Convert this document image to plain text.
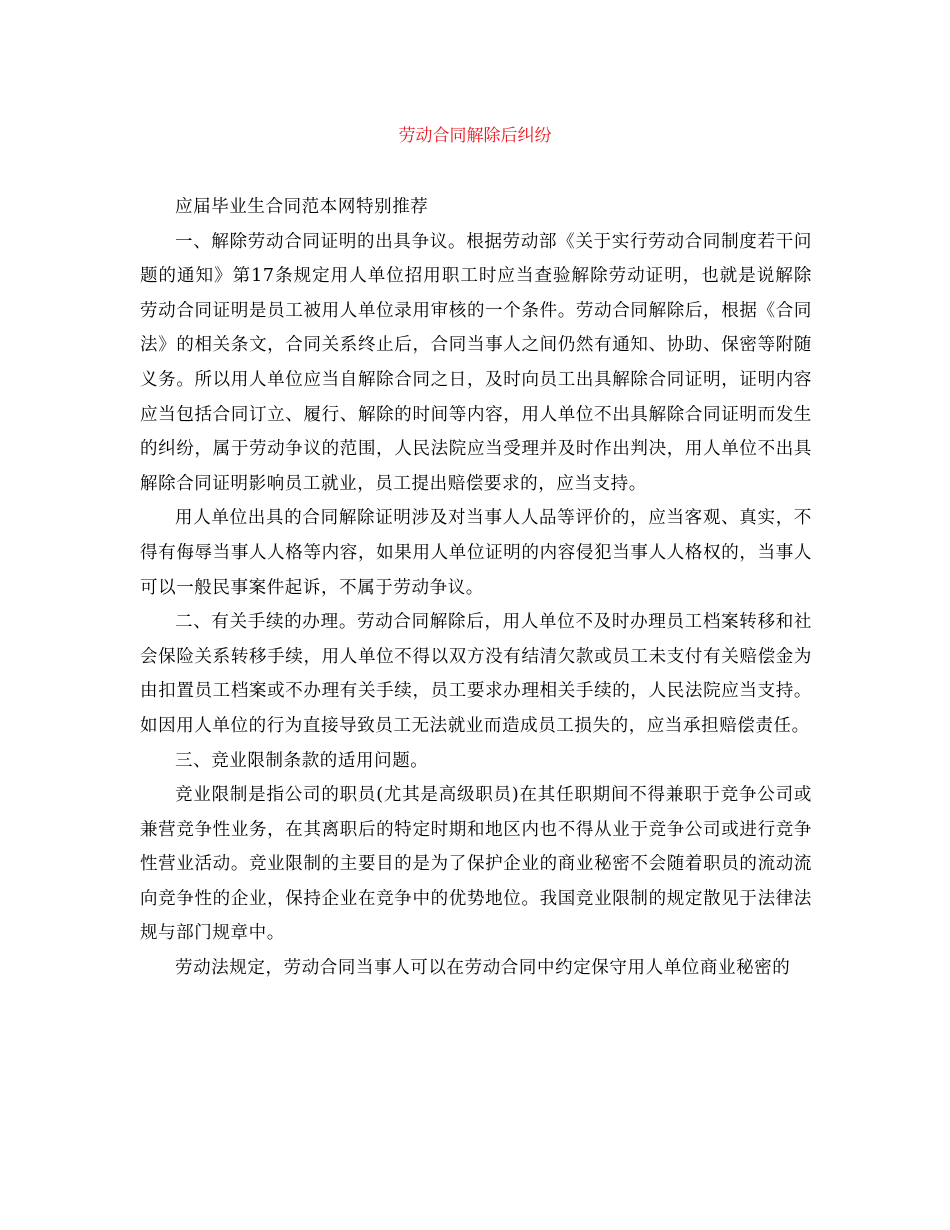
劳动合同解除后纠纷

应届毕业生合同范本网特别推荐

一、解除劳动合同证明的出具争议。根据劳动部《关于实行劳动合同制度若干问题的通知》第17条规定用人单位招用职工时应当查验解除劳动证明，也就是说解除劳动合同证明是员工被用人单位录用审核的一个条件。劳动合同解除后，根据《合同法》的相关条文，合同关系终止后，合同当事人之间仍然有通知、协助、保密等附随义务。所以用人单位应当自解除合同之日，及时向员工出具解除合同证明，证明内容应当包括合同订立、履行、解除的时间等内容，用人单位不出具解除合同证明而发生的纠纷，属于劳动争议的范围，人民法院应当受理并及时作出判决，用人单位不出具解除合同证明影响员工就业，员工提出赔偿要求的，应当支持。

用人单位出具的合同解除证明涉及对当事人人品等评价的，应当客观、真实，不得有侮辱当事人人格等内容，如果用人单位证明的内容侵犯当事人人格权的，当事人可以一般民事案件起诉，不属于劳动争议。

二、有关手续的办理。劳动合同解除后，用人单位不及时办理员工档案转移和社会保险关系转移手续，用人单位不得以双方没有结清欠款或员工未支付有关赔偿金为由扣置员工档案或不办理有关手续，员工要求办理相关手续的，人民法院应当支持。如因用人单位的行为直接导致员工无法就业而造成员工损失的，应当承担赔偿责任。

三、竞业限制条款的适用问题。

竞业限制是指公司的职员(尤其是高级职员)在其任职期间不得兼职于竞争公司或兼营竞争性业务，在其离职后的特定时期和地区内也不得从业于竞争公司或进行竞争性营业活动。竞业限制的主要目的是为了保护企业的商业秘密不会随着职员的流动流向竞争性的企业，保持企业在竞争中的优势地位。我国竞业限制的规定散见于法律法规与部门规章中。

劳动法规定，劳动合同当事人可以在劳动合同中约定保守用人单位商业秘密的
